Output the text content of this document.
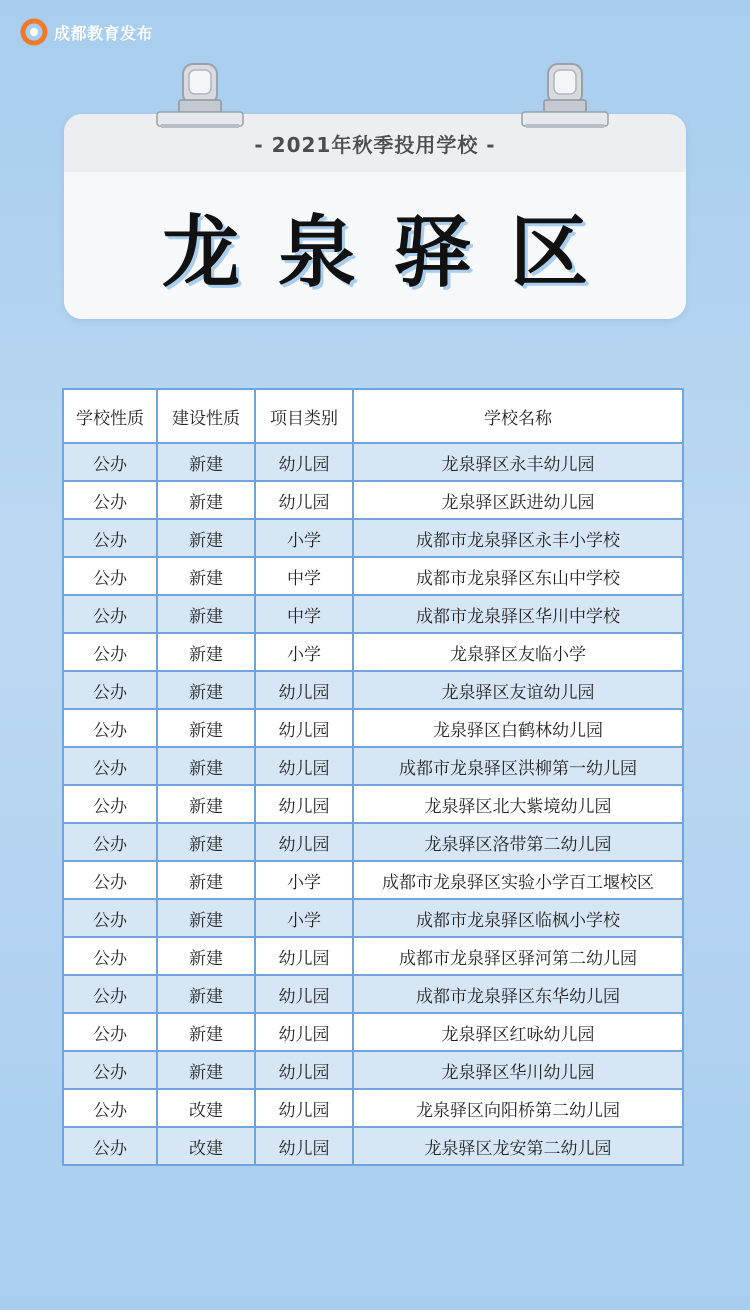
成都教育发布
- 2021年秋季投用学校 -
龙泉驿区
学校性质	建设性质	项目类别	学校名称
公办	新建	幼儿园	龙泉驿区永丰幼儿园
公办	新建	幼儿园	龙泉驿区跃进幼儿园
公办	新建	小学	成都市龙泉驿区永丰小学校
公办	新建	中学	成都市龙泉驿区东山中学校
公办	新建	中学	成都市龙泉驿区华川中学校
公办	新建	小学	龙泉驿区友临小学
公办	新建	幼儿园	龙泉驿区友谊幼儿园
公办	新建	幼儿园	龙泉驿区白鹤林幼儿园
公办	新建	幼儿园	成都市龙泉驿区洪柳第一幼儿园
公办	新建	幼儿园	龙泉驿区北大紫境幼儿园
公办	新建	幼儿园	龙泉驿区洛带第二幼儿园
公办	新建	小学	成都市龙泉驿区实验小学百工堰校区
公办	新建	小学	成都市龙泉驿区临枫小学校
公办	新建	幼儿园	成都市龙泉驿区驿河第二幼儿园
公办	新建	幼儿园	成都市龙泉驿区东华幼儿园
公办	新建	幼儿园	龙泉驿区红咏幼儿园
公办	新建	幼儿园	龙泉驿区华川幼儿园
公办	改建	幼儿园	龙泉驿区向阳桥第二幼儿园
公办	改建	幼儿园	龙泉驿区龙安第二幼儿园
